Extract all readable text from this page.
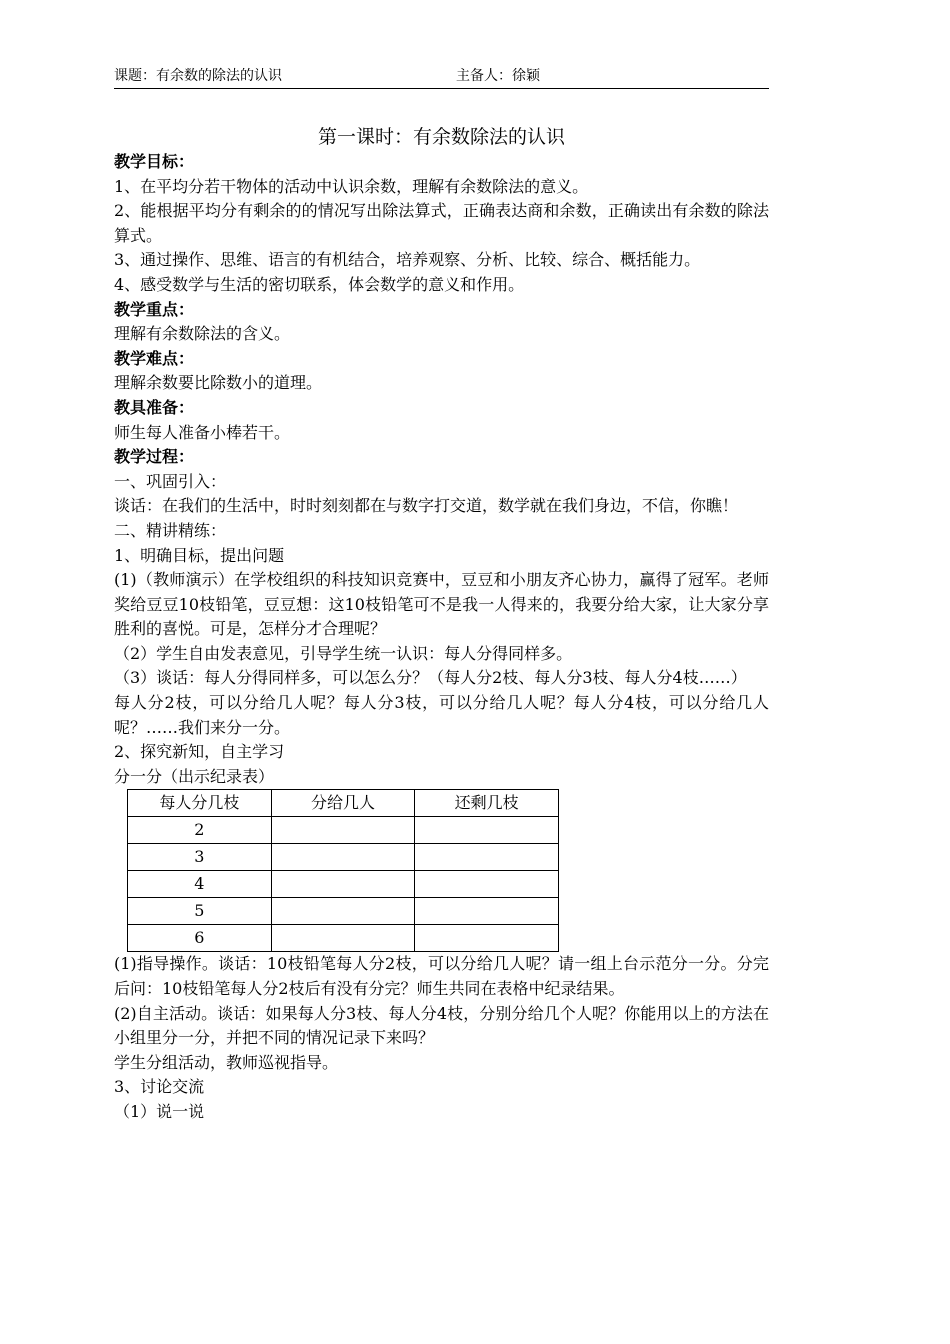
课题：有余数的除法的认识	主备人：徐颖
第一课时：有余数除法的认识

教学目标：

1、在平均分若干物体的活动中认识余数，理解有余数除法的意义。

2、能根据平均分有剩余的的情况写出除法算式，正确表达商和余数，正确读出有余数的除法算式。

3、通过操作、思维、语言的有机结合，培养观察、分析、比较、综合、概括能力。

4、感受数学与生活的密切联系，体会数学的意义和作用。

教学重点：

理解有余数除法的含义。

教学难点：

理解余数要比除数小的道理。

教具准备：

师生每人准备小棒若干。

教学过程：

一、巩固引入：

谈话：在我们的生活中，时时刻刻都在与数字打交道，数学就在我们身边，不信，你瞧！

二、精讲精练：

1、明确目标，提出问题

(1)（教师演示）在学校组织的科技知识竞赛中，豆豆和小朋友齐心协力，赢得了冠军。老师奖给豆豆10枝铅笔，豆豆想：这10枝铅笔可不是我一人得来的，我要分给大家，让大家分享胜利的喜悦。可是，怎样分才合理呢？

（2）学生自由发表意见，引导学生统一认识：每人分得同样多。

（3）谈话：每人分得同样多，可以怎么分？（每人分2枝、每人分3枝、每人分4枝……）

每人分2枝，可以分给几人呢？每人分3枝，可以分给几人呢？每人分4枝，可以分给几人呢？……我们来分一分。

2、探究新知，自主学习

分一分（出示纪录表）

每人分几枝	分给几人	还剩几枝
2		
3		
4		
5		
6		

(1)指导操作。谈话：10枝铅笔每人分2枝，可以分给几人呢？请一组上台示范分一分。分完后问：10枝铅笔每人分2枝后有没有分完？师生共同在表格中纪录结果。

(2)自主活动。谈话：如果每人分3枝、每人分4枝，分别分给几个人呢？你能用以上的方法在小组里分一分，并把不同的情况记录下来吗？

学生分组活动，教师巡视指导。

3、讨论交流

（1）说一说
